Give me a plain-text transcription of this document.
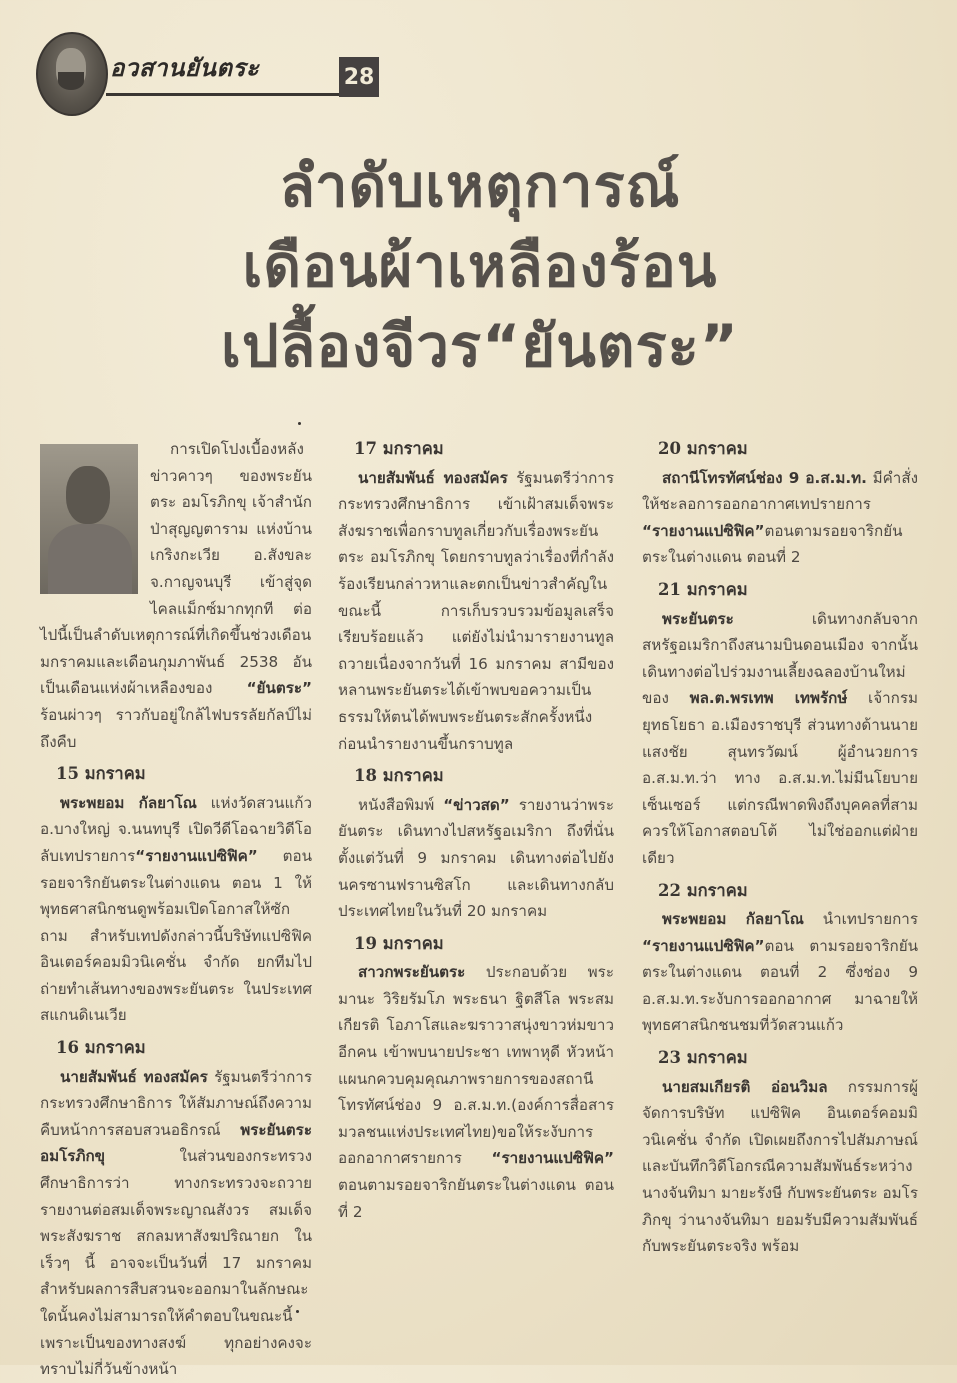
อวสานยันตระ	28
ลำดับเหตุการณ์
เดือนผ้าเหลืองร้อน
เปลื้องจีวร“ยันตระ”

การเปิดโปงเบื้องหลังข่าวคาวๆ ของพระยันตระ อมโรภิกขุ เจ้าสำนักป่าสุญญตาราม แห่งบ้านเกริงกะเวีย อ.สังขละ จ.กาญจนบุรี เข้าสู่จุดไคลแม็กซ์มากทุกที ต่อไปนี้เป็นลำดับเหตุการณ์ที่เกิดขึ้นช่วงเดือนมกราคมและเดือนกุมภาพันธ์ 2538 อันเป็นเดือนแห่งผ้าเหลืองของ “ยันตระ” ร้อนผ่าวๆ ราวกับอยู่ใกล้ไฟบรรลัยกัลป์ไม่ถึงคืบ

15 มกราคม

พระพยอม กัลยาโณ แห่งวัดสวนแก้ว อ.บางใหญ่ จ.นนทบุรี เปิดวีดีโอฉายวิดีโอลับเทปรายการ“รายงานแปซิฟิค” ตอนรอยจาริกยันตระในต่างแดน ตอน 1 ให้พุทธศาสนิกชนดูพร้อมเปิดโอกาสให้ซักถาม สำหรับเทปดังกล่าวนี้บริษัทแปซิฟิค อินเตอร์คอมมิวนิเคชั่น จำกัด ยกทีมไปถ่ายทำเส้นทางของพระยันตระ ในประเทศสแกนดิเนเวีย

16 มกราคม

นายสัมพันธ์ ทองสมัคร รัฐมนตรีว่าการกระทรวงศึกษาธิการ ให้สัมภาษณ์ถึงความคืบหน้าการสอบสวนอธิกรณ์ พระยันตระ อมโรภิกขุ ในส่วนของกระทรวงศึกษาธิการว่า ทางกระทรวงจะถวายรายงานต่อสมเด็จพระญาณสังวร สมเด็จพระสังฆราช สกลมหาสังฆปริณายก ในเร็วๆ นี้ อาจจะเป็นวันที่ 17 มกราคม สำหรับผลการสืบสวนจะออกมาในลักษณะใดนั้นคงไม่สามารถให้คำตอบในขณะนี้เพราะเป็นของทางสงฆ์ ทุกอย่างคงจะทราบไม่กี่วันข้างหน้า

17 มกราคม

นายสัมพันธ์ ทองสมัคร รัฐมนตรีว่าการกระทรวงศึกษาธิการ เข้าเฝ้าสมเด็จพระสังฆราชเพื่อกราบทูลเกี่ยวกับเรื่องพระยันตระ อมโรภิกขุ โดยกราบทูลว่าเรื่องที่กำลังร้องเรียนกล่าวหาและตกเป็นข่าวสำคัญในขณะนี้ การเก็บรวบรวมข้อมูลเสร็จเรียบร้อยแล้ว แต่ยังไม่นำมารายงานทูลถวายเนื่องจากวันที่ 16 มกราคม สามีของหลานพระยันตระได้เข้าพบขอความเป็นธรรมให้ตนได้พบพระยันตระสักครั้งหนึ่งก่อนนำรายงานขึ้นกราบทูล

18 มกราคม

หนังสือพิมพ์ “ข่าวสด” รายงานว่าพระยันตระ เดินทางไปสหรัฐอเมริกา ถึงที่นั่นตั้งแต่วันที่ 9 มกราคม เดินทางต่อไปยังนครซานฟรานซิสโก และเดินทางกลับประเทศไทยในวันที่ 20 มกราคม

19 มกราคม

สาวกพระยันตระ ประกอบด้วย พระมานะ วิริยรัมโภ พระธนา ฐิตสีโล พระสมเกียรติ โอภาโสและฆราวาสนุ่งขาวห่มขาวอีกคน เข้าพบนายประชา เทพาหุดี หัวหน้าแผนกควบคุมคุณภาพรายการของสถานีโทรทัศน์ช่อง 9 อ.ส.ม.ท.(องค์การสื่อสารมวลชนแห่งประเทศไทย)ขอให้ระงับการออกอากาศรายการ “รายงานแปซิฟิค” ตอนตามรอยจาริกยันตระในต่างแดน ตอนที่ 2

20 มกราคม

สถานีโทรทัศน์ช่อง 9 อ.ส.ม.ท. มีคำสั่งให้ชะลอการออกอากาศเทปรายการ “รายงานแปซิฟิค”ตอนตามรอยจาริกยันตระในต่างแดน ตอนที่ 2

21 มกราคม

พระยันตระ เดินทางกลับจากสหรัฐอเมริกาถึงสนามบินดอนเมือง จากนั้นเดินทางต่อไปร่วมงานเลี้ยงฉลองบ้านใหม่ของ พล.ต.พรเทพ เทพรักษ์ เจ้ากรมยุทธโยธา อ.เมืองราชบุรี ส่วนทางด้านนายแสงชัย สุนทรวัฒน์ ผู้อำนวยการ อ.ส.ม.ท.ว่า ทาง อ.ส.ม.ท.ไม่มีนโยบายเซ็นเซอร์ แต่กรณีพาดพิงถึงบุคคลที่สามควรให้โอกาสตอบโต้ ไม่ใช่ออกแต่ฝ่ายเดียว

22 มกราคม

พระพยอม กัลยาโณ นำเทปรายการ “รายงานแปซิฟิค”ตอน ตามรอยจาริกยันตระในต่างแดน ตอนที่ 2 ซึ่งช่อง 9 อ.ส.ม.ท.ระงับการออกอากาศ มาฉายให้พุทธศาสนิกชนชมที่วัดสวนแก้ว

23 มกราคม

นายสมเกียรติ อ่อนวิมล กรรมการผู้จัดการบริษัท แปซิฟิค อินเตอร์คอมมิวนิเคชั่น จำกัด เปิดเผยถึงการไปสัมภาษณ์และบันทึกวิดีโอกรณีความสัมพันธ์ระหว่างนางจันทิมา มายะรังษี กับพระยันตระ อมโรภิกขุ ว่านางจันทิมา ยอมรับมีความสัมพันธ์กับพระยันตระจริง พร้อม
